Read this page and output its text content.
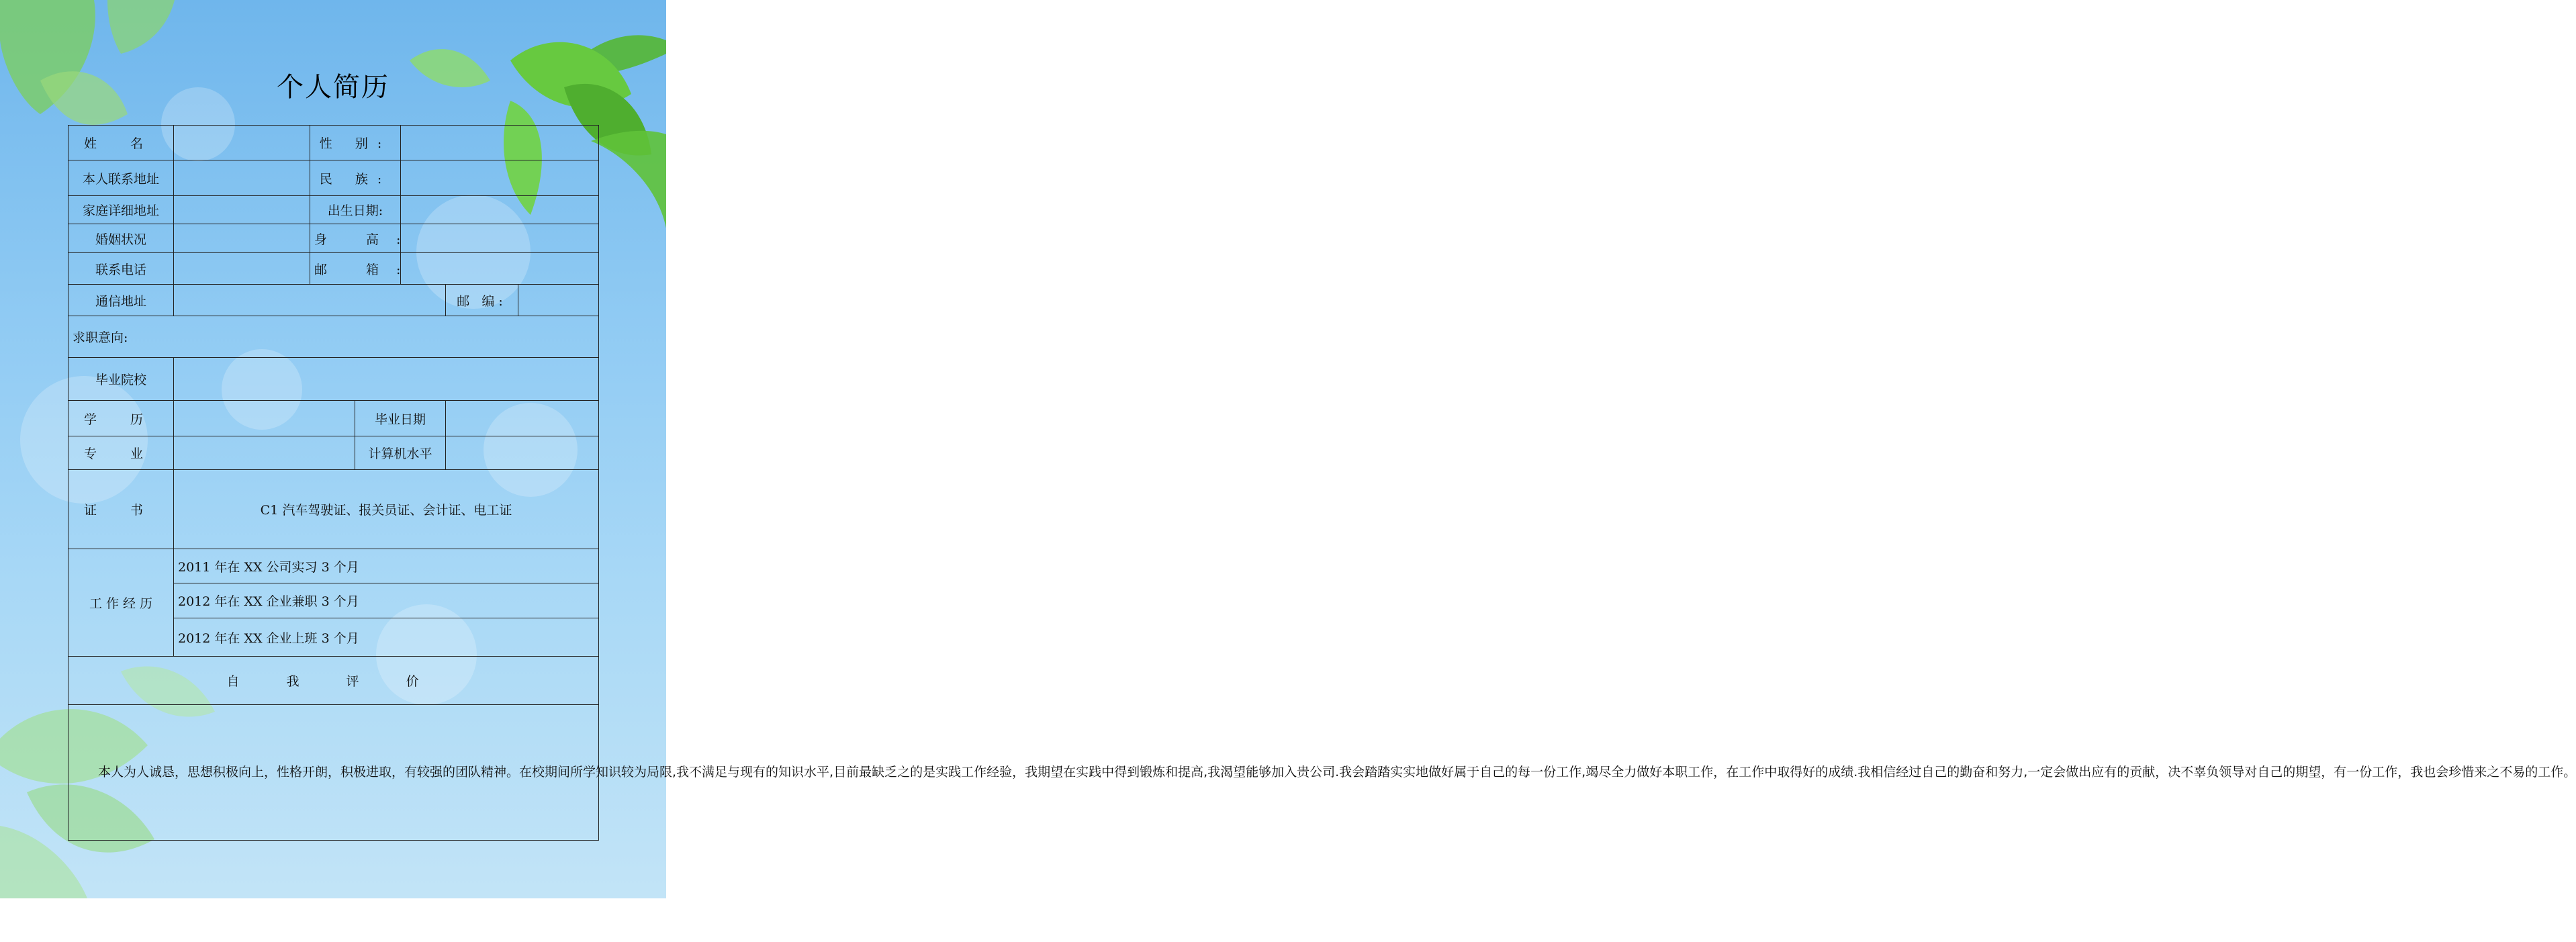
个人简历
姓 名		性 别:				
本人联系地址		民 族:				
家庭详细地址		出生日期:				
婚姻状况		身 高:				
联系电话		邮 箱:				
通信地址					邮 编:	
求职意向:						
毕业院校						
学 历			毕业日期			
专 业			计算机水平			
证 书	C1 汽车驾驶证、报关员证、会计证、电工证					
工 作 经 历	2011 年在 XX 公司实习 3 个月					
	2012 年在 XX 企业兼职 3 个月					
	2012 年在 XX 企业上班 3 个月					
自 我 评 价						
本人为人诚恳，思想积极向上，性格开朗，积极进取，有较强的团队精神。在校期间所学知识较为局限,我不满足与现有的知识水平,目前最缺乏之的是实践工作经验，我期望在实践中得到锻炼和提高,我渴望能够加入贵公司.我会踏踏实实地做好属于自己的每一份工作,竭尽全力做好本职工作，在工作中取得好的成绩.我相信经过自己的勤奋和努力,一定会做出应有的贡献，决不辜负领导对自己的期望，有一份工作，我也会珍惜来之不易的工作。						
